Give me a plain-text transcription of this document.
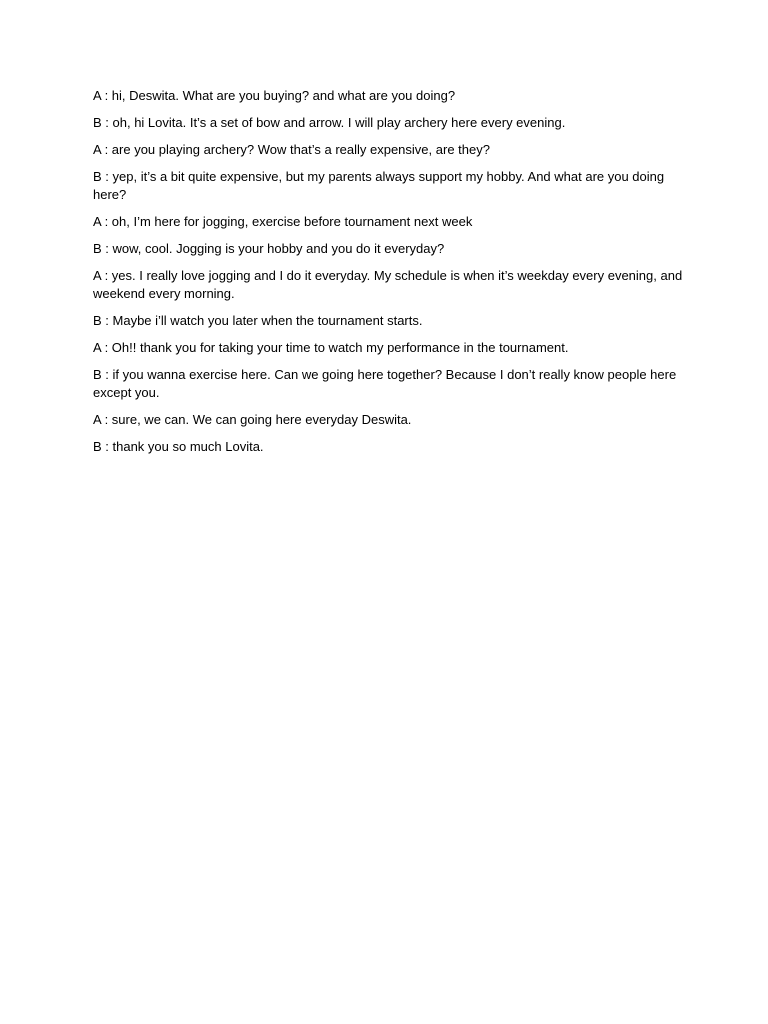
A : hi, Deswita. What are you buying? and what are you doing?

B : oh, hi Lovita. It’s a set of bow and arrow. I will play archery here every evening.

A : are you playing archery? Wow that’s a really expensive, are they?

B : yep, it’s a bit quite expensive, but my parents always support my hobby. And what are you doing here?

A : oh, I’m here for jogging, exercise before tournament next week

B : wow, cool. Jogging is your hobby and you do it everyday?

A : yes. I really love jogging and I do it everyday. My schedule is when it’s weekday every evening, and weekend every morning.

B : Maybe i’ll watch you later when the tournament starts.

A : Oh!! thank you for taking your time to watch my performance in the tournament.

B : if you wanna exercise here. Can we going here together? Because I don’t really know people here except you.

A : sure, we can. We can going here everyday Deswita.

B : thank you so much Lovita.
